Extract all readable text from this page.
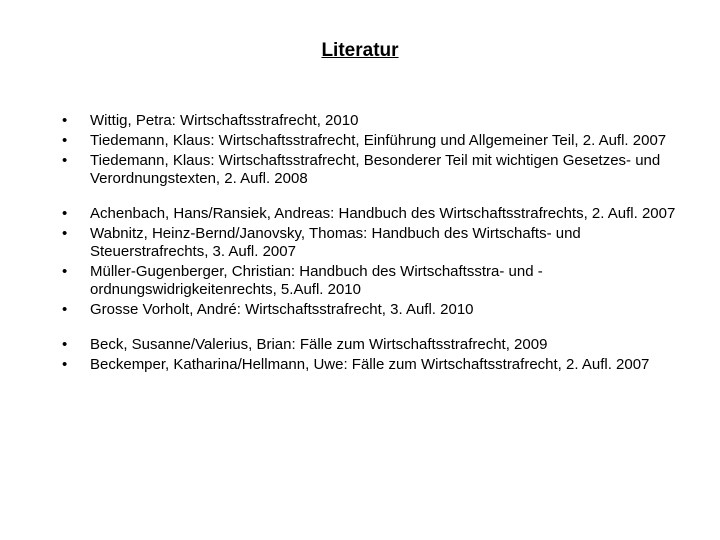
Literatur
•	Wittig, Petra: Wirtschaftsstrafrecht, 2010
•	Tiedemann, Klaus: Wirtschaftsstrafrecht, Einführung und Allgemeiner Teil, 2. Aufl. 2007
•	Tiedemann, Klaus: Wirtschaftsstrafrecht, Besonderer Teil mit wichtigen Gesetzes- und Verordnungstexten, 2. Aufl. 2008
•	Achenbach, Hans/Ransiek, Andreas: Handbuch des Wirtschaftsstrafrechts, 2. Aufl. 2007
•	Wabnitz, Heinz-Bernd/Janovsky, Thomas: Handbuch des Wirtschafts- und Steuerstrafrechts, 3. Aufl. 2007
•	Müller-Gugenberger, Christian: Handbuch des Wirtschaftsstra- und -ordnungswidrigkeitenrechts, 5.Aufl. 2010
•	Grosse Vorholt, André: Wirtschaftsstrafrecht, 3. Aufl. 2010
•	Beck, Susanne/Valerius, Brian: Fälle zum Wirtschaftsstrafrecht, 2009
•	Beckemper, Katharina/Hellmann, Uwe: Fälle zum Wirtschaftsstrafrecht, 2. Aufl. 2007
